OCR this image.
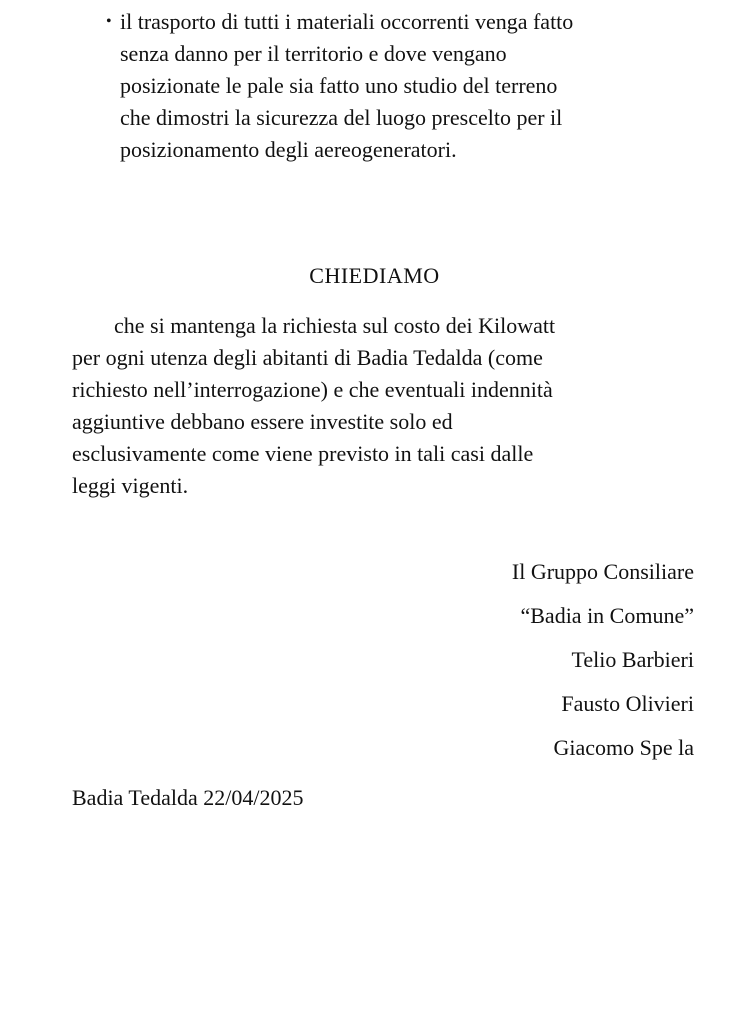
• il trasporto di tutti i materiali occorrenti venga fatto
senza danno per il territorio e dove vengano
posizionate le pale sia fatto uno studio del terreno
che dimostri la sicurezza del luogo prescelto per il
posizionamento degli aereogeneratori.
CHIEDIAMO
che si mantenga la richiesta sul costo dei Kilowatt
per ogni utenza degli abitanti di Badia Tedalda (come
richiesto nell’interrogazione) e che eventuali indennità
aggiuntive debbano essere investite solo ed
esclusivamente come viene previsto in tali casi dalle
leggi vigenti.
Il Gruppo Consiliare
“Badia in Comune”
Telio Barbieri
Fausto Olivieri
Giacomo Spe la
Badia Tedalda 22/04/2025
